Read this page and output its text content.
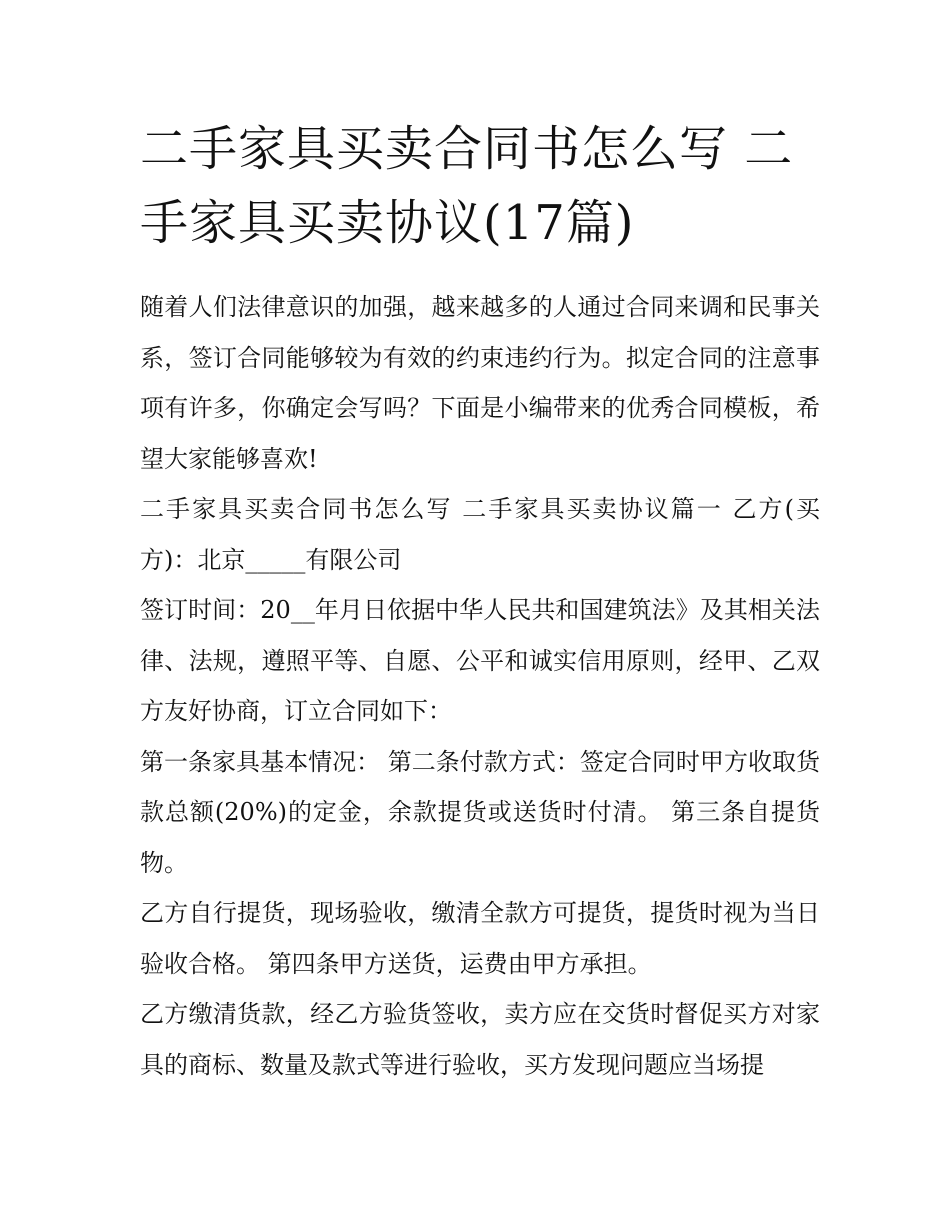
二手家具买卖合同书怎么写 二手家具买卖协议(17篇)

随着人们法律意识的加强，越来越多的人通过合同来调和民事关系，签订合同能够较为有效的约束违约行为。拟定合同的注意事项有许多，你确定会写吗？下面是小编带来的优秀合同模板，希望大家能够喜欢!

二手家具买卖合同书怎么写 二手家具买卖协议篇一 乙方(买方)：北京_____有限公司

签订时间：20__年月日依据中华人民共和国建筑法》及其相关法律、法规，遵照平等、自愿、公平和诚实信用原则，经甲、乙双方友好协商，订立合同如下：

第一条家具基本情况： 第二条付款方式：签定合同时甲方收取货款总额(20%)的定金，余款提货或送货时付清。 第三条自提货物。

乙方自行提货，现场验收，缴清全款方可提货，提货时视为当日验收合格。 第四条甲方送货，运费由甲方承担。

乙方缴清货款，经乙方验货签收，卖方应在交货时督促买方对家具的商标、数量及款式等进行验收，买方发现问题应当场提
